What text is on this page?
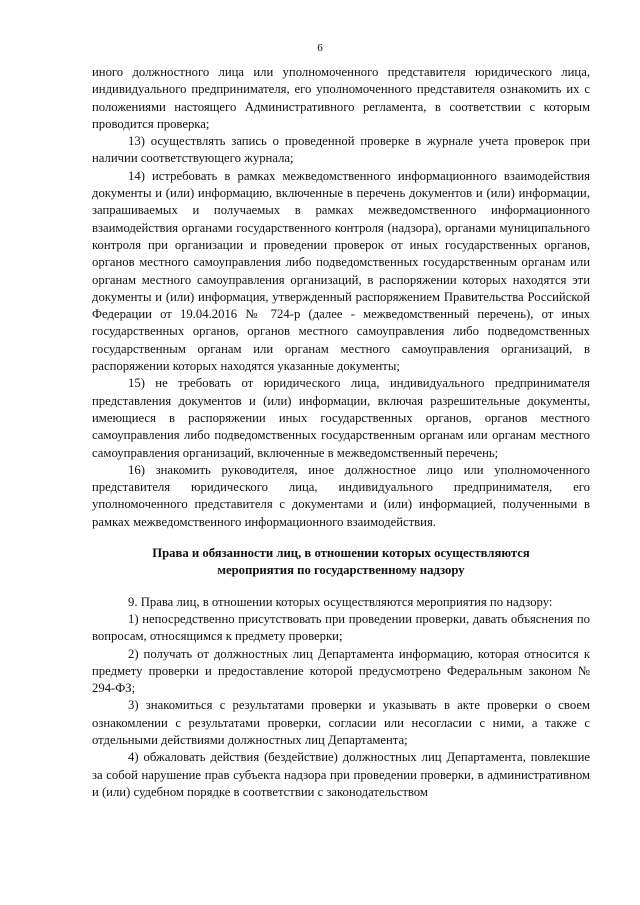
6

иного должностного лица или уполномоченного представителя юридического лица, индивидуального предпринимателя, его уполномоченного представителя ознакомить их с положениями настоящего Административного регламента, в соответствии с которым проводится проверка;

13) осуществлять запись о проведенной проверке в журнале учета проверок при наличии соответствующего журнала;

14) истребовать в рамках межведомственного информационного взаимодействия документы и (или) информацию, включенные в перечень документов и (или) информации, запрашиваемых и получаемых в рамках межведомственного информационного взаимодействия органами государственного контроля (надзора), органами муниципального контроля при организации и проведении проверок от иных государственных органов, органов местного самоуправления либо подведомственных государственным органам или органам местного самоуправления организаций, в распоряжении которых находятся эти документы и (или) информация, утвержденный распоряжением Правительства Российской Федерации от 19.04.2016 № 724-р (далее - межведомственный перечень), от иных государственных органов, органов местного самоуправления либо подведомственных государственным органам или органам местного самоуправления организаций, в распоряжении которых находятся указанные документы;

15) не требовать от юридического лица, индивидуального предпринимателя представления документов и (или) информации, включая разрешительные документы, имеющиеся в распоряжении иных государственных органов, органов местного самоуправления либо подведомственных государственным органам или органам местного самоуправления организаций, включенные в межведомственный перечень;

16) знакомить руководителя, иное должностное лицо или уполномоченного представителя юридического лица, индивидуального предпринимателя, его уполномоченного представителя с документами и (или) информацией, полученными в рамках межведомственного информационного взаимодействия.

Права и обязанности лиц, в отношении которых осуществляются
мероприятия по государственному надзору

9. Права лиц, в отношении которых осуществляются мероприятия по надзору:

1) непосредственно присутствовать при проведении проверки, давать объяснения по вопросам, относящимся к предмету проверки;

2) получать от должностных лиц Департамента информацию, которая относится к предмету проверки и предоставление которой предусмотрено Федеральным законом № 294-ФЗ;

3) знакомиться с результатами проверки и указывать в акте проверки о своем ознакомлении с результатами проверки, согласии или несогласии с ними, а также с отдельными действиями должностных лиц Департамента;

4) обжаловать действия (бездействие) должностных лиц Департамента, повлекшие за собой нарушение прав субъекта надзора при проведении проверки, в административном и (или) судебном порядке в соответствии с законодательством
